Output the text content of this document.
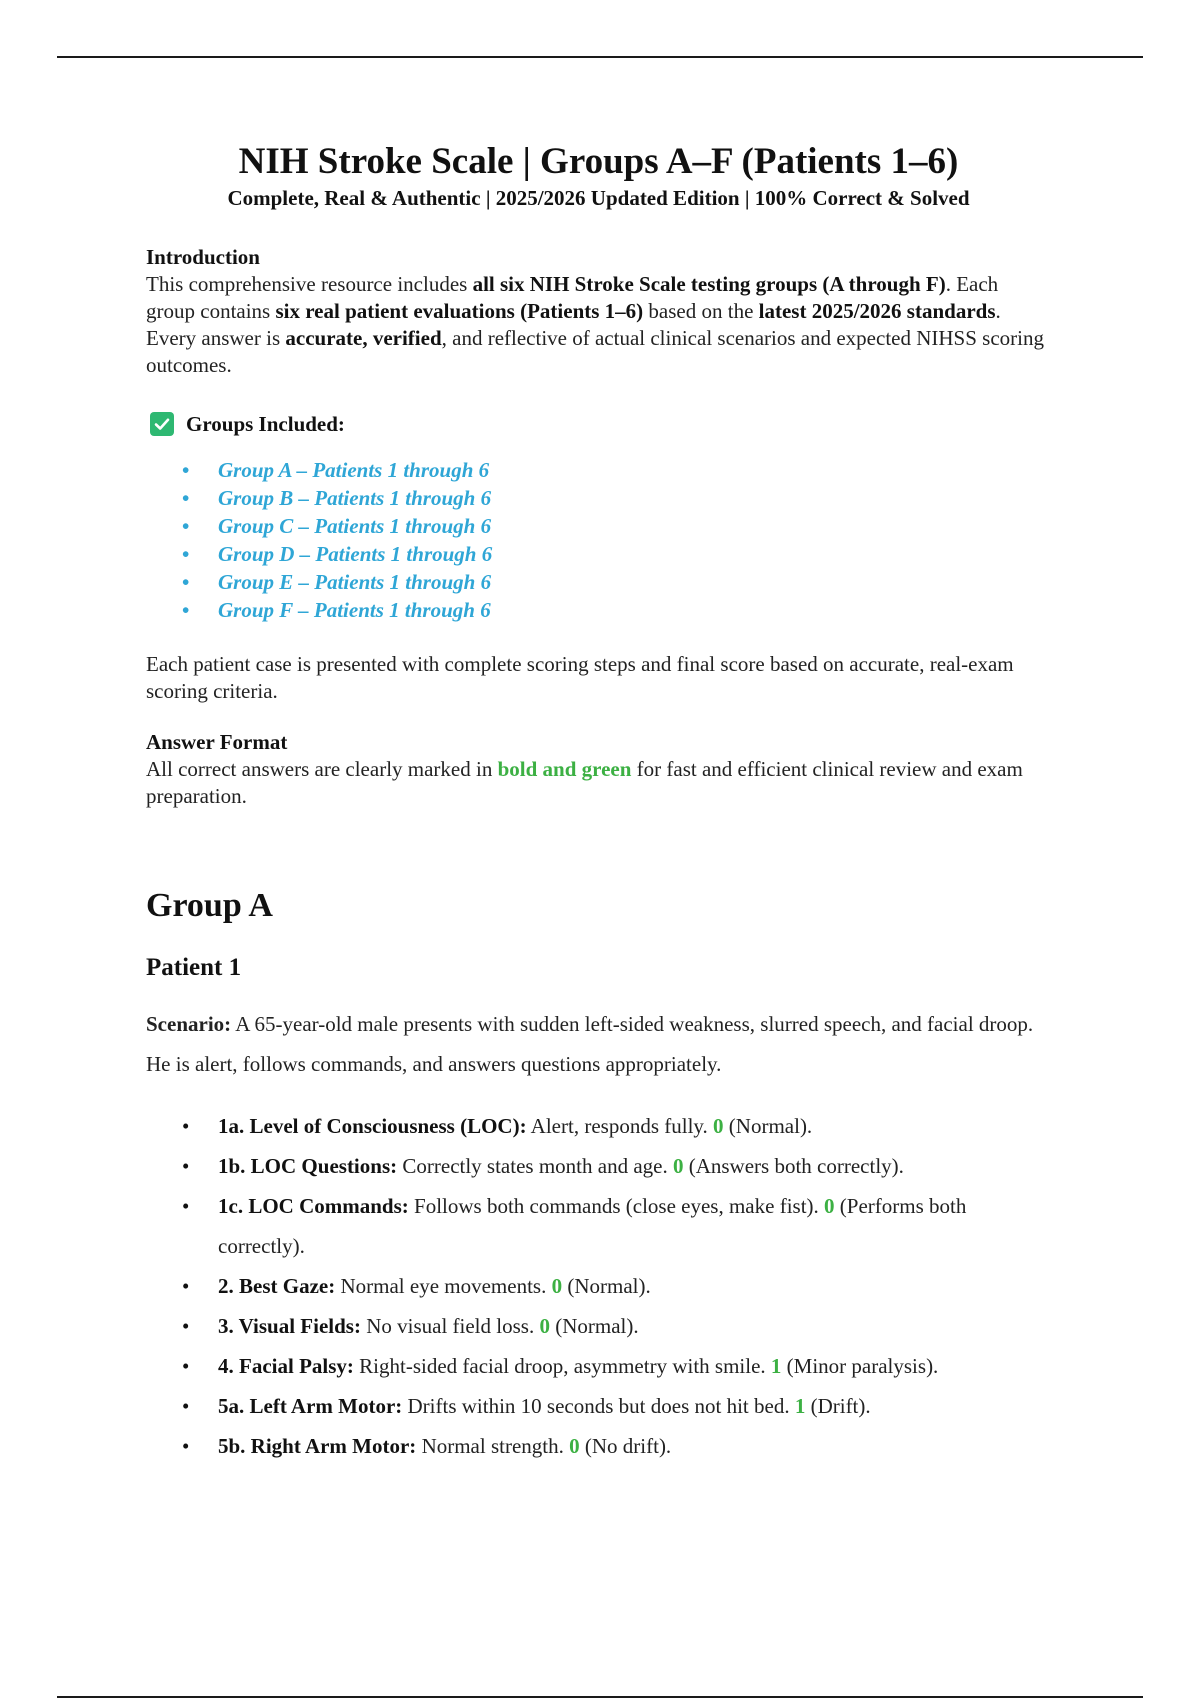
NIH Stroke Scale | Groups A–F (Patients 1–6)

Complete, Real & Authentic | 2025/2026 Updated Edition | 100% Correct & Solved

Introduction

This comprehensive resource includes all six NIH Stroke Scale testing groups (A through F). Each group contains six real patient evaluations (Patients 1–6) based on the latest 2025/2026 standards. Every answer is accurate, verified, and reflective of actual clinical scenarios and expected NIHSS scoring outcomes.

Groups Included:
• Group A – Patients 1 through 6
• Group B – Patients 1 through 6
• Group C – Patients 1 through 6
• Group D – Patients 1 through 6
• Group E – Patients 1 through 6
• Group F – Patients 1 through 6

Each patient case is presented with complete scoring steps and final score based on accurate, real-exam scoring criteria.

Answer Format

All correct answers are clearly marked in bold and green for fast and efficient clinical review and exam preparation.

Group A
Patient 1

Scenario: A 65-year-old male presents with sudden left-sided weakness, slurred speech, and facial droop. He is alert, follows commands, and answers questions appropriately.

• 1a. Level of Consciousness (LOC): Alert, responds fully. 0 (Normal).
• 1b. LOC Questions: Correctly states month and age. 0 (Answers both correctly).
• 1c. LOC Commands: Follows both commands (close eyes, make fist). 0 (Performs both correctly).
• 2. Best Gaze: Normal eye movements. 0 (Normal).
• 3. Visual Fields: No visual field loss. 0 (Normal).
• 4. Facial Palsy: Right-sided facial droop, asymmetry with smile. 1 (Minor paralysis).
• 5a. Left Arm Motor: Drifts within 10 seconds but does not hit bed. 1 (Drift).
• 5b. Right Arm Motor: Normal strength. 0 (No drift).
